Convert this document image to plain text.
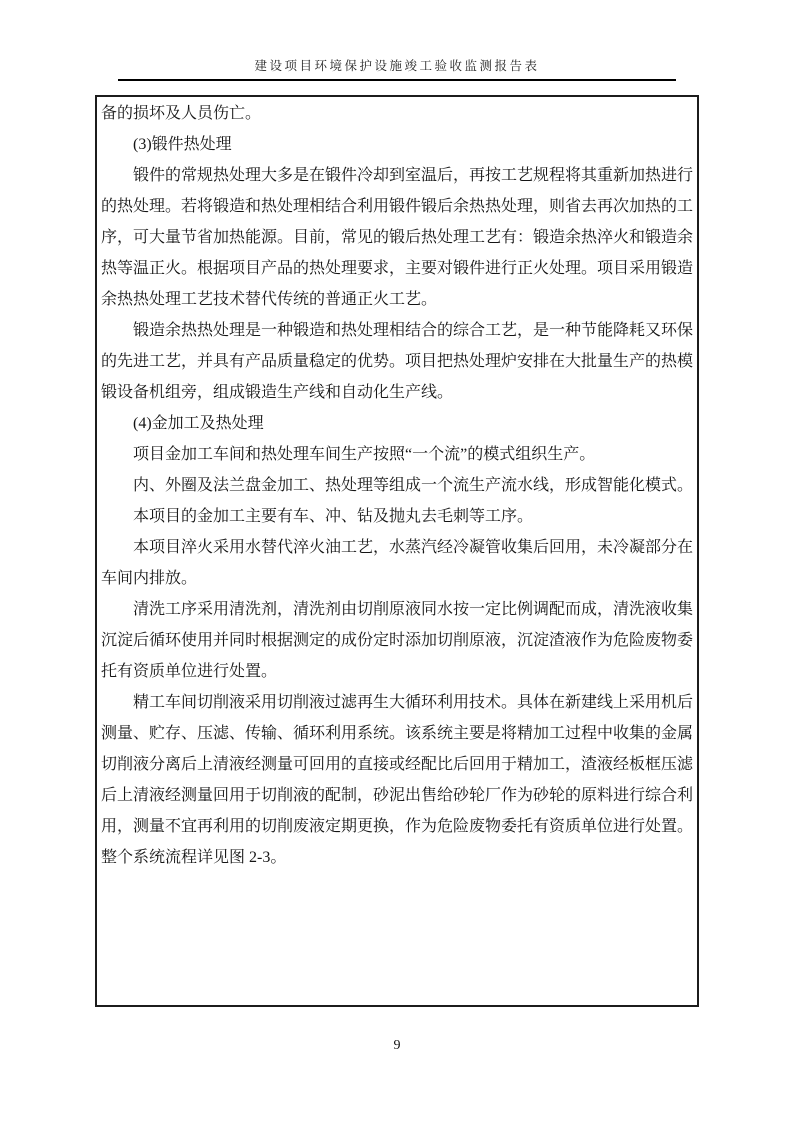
建设项目环境保护设施竣工验收监测报告表

备的损坏及人员伤亡。

(3)锻件热处理

锻件的常规热处理大多是在锻件冷却到室温后，再按工艺规程将其重新加热进行的热处理。若将锻造和热处理相结合利用锻件锻后余热热处理，则省去再次加热的工序，可大量节省加热能源。目前，常见的锻后热处理工艺有：锻造余热淬火和锻造余热等温正火。根据项目产品的热处理要求，主要对锻件进行正火处理。项目采用锻造余热热处理工艺技术替代传统的普通正火工艺。

锻造余热热处理是一种锻造和热处理相结合的综合工艺，是一种节能降耗又环保的先进工艺，并具有产品质量稳定的优势。项目把热处理炉安排在大批量生产的热模锻设备机组旁，组成锻造生产线和自动化生产线。

(4)金加工及热处理

项目金加工车间和热处理车间生产按照“一个流”的模式组织生产。

内、外圈及法兰盘金加工、热处理等组成一个流生产流水线，形成智能化模式。

本项目的金加工主要有车、冲、钻及抛丸去毛刺等工序。

本项目淬火采用水替代淬火油工艺，水蒸汽经冷凝管收集后回用，未冷凝部分在车间内排放。

清洗工序采用清洗剂，清洗剂由切削原液同水按一定比例调配而成，清洗液收集沉淀后循环使用并同时根据测定的成份定时添加切削原液，沉淀渣液作为危险废物委托有资质单位进行处置。

精工车间切削液采用切削液过滤再生大循环利用技术。具体在新建线上采用机后测量、贮存、压滤、传输、循环利用系统。该系统主要是将精加工过程中收集的金属切削液分离后上清液经测量可回用的直接或经配比后回用于精加工，渣液经板框压滤后上清液经测量回用于切削液的配制，砂泥出售给砂轮厂作为砂轮的原料进行综合利用，测量不宜再利用的切削废液定期更换，作为危险废物委托有资质单位进行处置。整个系统流程详见图 2-3。

9
